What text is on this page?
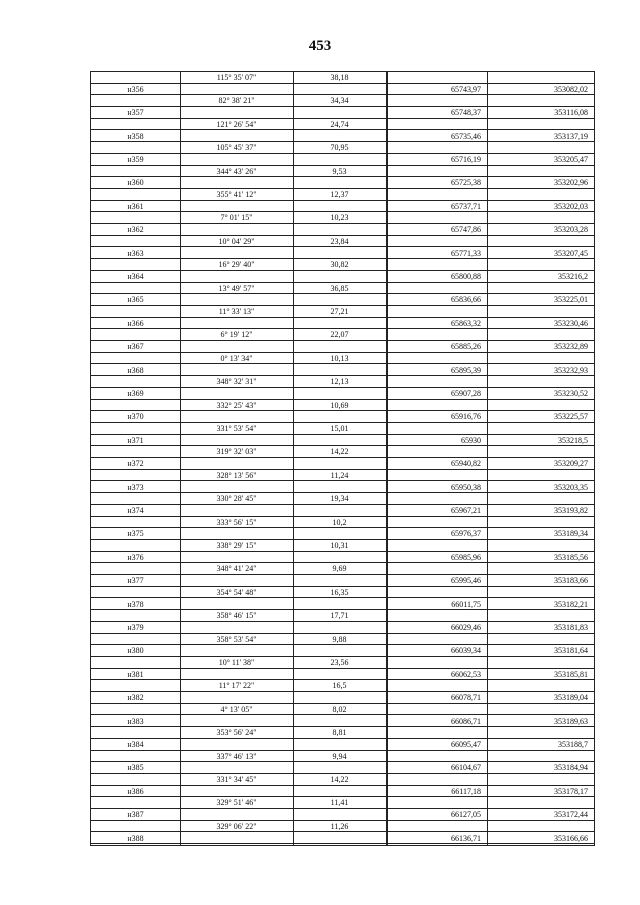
453
115° 35' 07"	38,18
н356	65743,97	353082,02
82° 38' 21"	34,34
н357	65748,37	353116,08
121° 26' 54"	24,74
н358	65735,46	353137,19
105° 45' 37"	70,95
н359	65716,19	353205,47
344° 43' 26"	9,53
н360	65725,38	353202,96
355° 41' 12"	12,37
н361	65737,71	353202,03
7° 01' 15"	10,23
н362	65747,86	353203,28
10° 04' 29"	23,84
н363	65771,33	353207,45
16° 29' 40"	30,82
н364	65800,88	353216,2
13° 49' 57"	36,85
н365	65836,66	353225,01
11° 33' 13"	27,21
н366	65863,32	353230,46
6° 19' 12"	22,07
н367	65885,26	353232,89
0° 13' 34"	10,13
н368	65895,39	353232,93
348° 32' 31"	12,13
н369	65907,28	353230,52
332° 25' 43"	10,69
н370	65916,76	353225,57
331° 53' 54"	15,01
н371	65930	353218,5
319° 32' 03"	14,22
н372	65940,82	353209,27
328° 13' 56"	11,24
н373	65950,38	353203,35
330° 28' 45"	19,34
н374	65967,21	353193,82
333° 56' 15"	10,2
н375	65976,37	353189,34
338° 29' 15"	10,31
н376	65985,96	353185,56
348° 41' 24"	9,69
н377	65995,46	353183,66
354° 54' 48"	16,35
н378	66011,75	353182,21
358° 46' 15"	17,71
н379	66029,46	353181,83
358° 53' 54"	9,88
н380	66039,34	353181,64
10° 11' 38"	23,56
н381	66062,53	353185,81
11° 17' 22"	16,5
н382	66078,71	353189,04
4° 13' 05"	8,02
н383	66086,71	353189,63
353° 56' 24"	8,81
н384	66095,47	353188,7
337° 46' 13"	9,94
н385	66104,67	353184,94
331° 34' 45"	14,22
н386	66117,18	353178,17
329° 51' 46"	11,41
н387	66127,05	353172,44
329° 06' 22"	11,26
н388	66136,71	353166,66
